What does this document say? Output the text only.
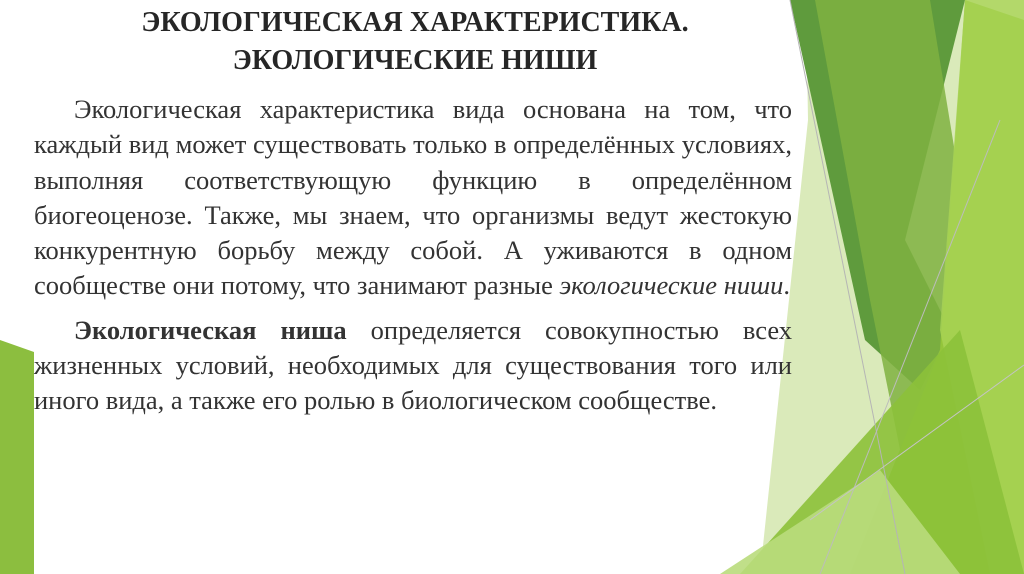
ЭКОЛОГИЧЕСКАЯ ХАРАКТЕРИСТИКА.
ЭКОЛОГИЧЕСКИЕ НИШИ

Экологическая характеристика вида основана на том, что каждый вид может существовать только в определённых условиях, выполняя соответствующую функцию в определённом биогеоценозе. Также, мы знаем, что организмы ведут жестокую конкурентную борьбу между собой. А уживаются в одном сообществе они потому, что занимают разные экологические ниши.

Экологическая ниша определяется совокупностью всех жизненных условий, необходимых для существования того или иного вида, а также его ролью в биологическом сообществе.
